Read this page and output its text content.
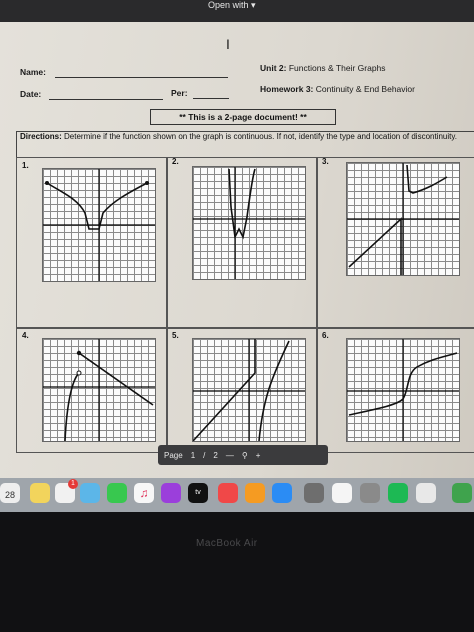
Open with ▾
I
Name:
Date:	Per:
Unit 2: Functions & Their Graphs
Homework 3: Continuity & End Behavior
** This is a 2-page document! **
Directions: Determine if the function shown on the graph is continuous. If not, identify the type and location of discontinuity.
1.	2.	3.
4.	5.	6.
Page 1 / 2 — ⚲ +
28
1
♫	tv
MacBook Air
